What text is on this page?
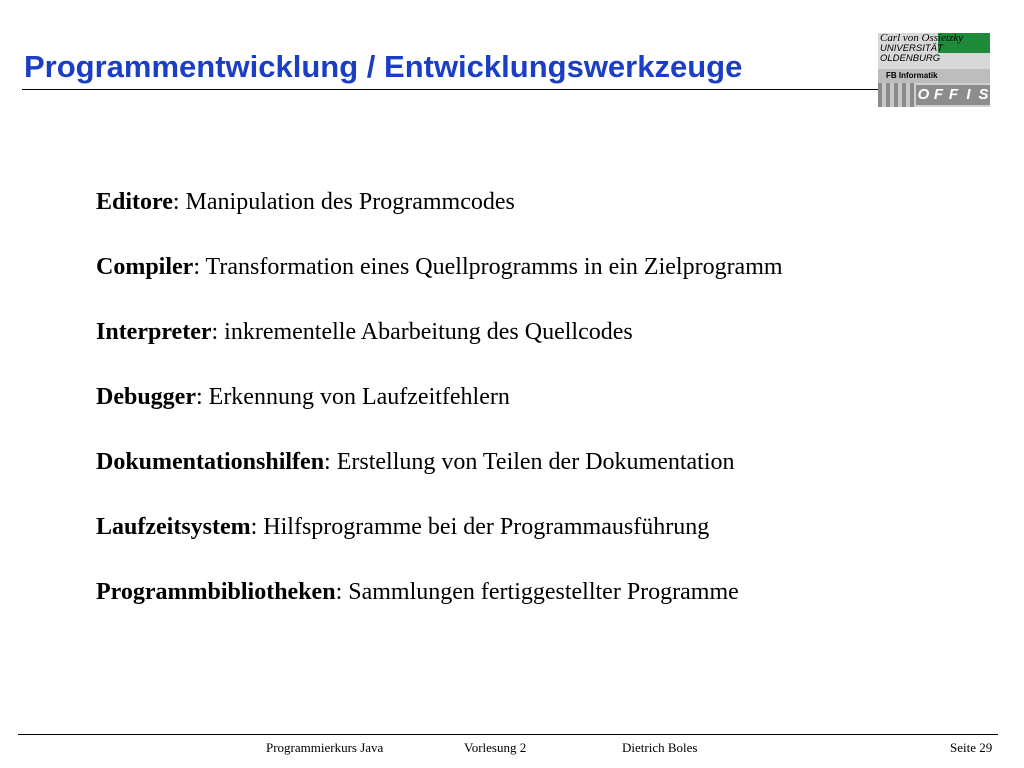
Programmentwicklung / Entwicklungswerkzeuge
Carl von Ossietzky
UNIVERSITÄT
OLDENBURG
FB Informatik
O F F I S
Editore: Manipulation des Programmcodes
Compiler: Transformation eines Quellprogramms in ein Zielprogramm
Interpreter: inkrementelle Abarbeitung des Quellcodes
Debugger: Erkennung von Laufzeitfehlern
Dokumentationshilfen: Erstellung von Teilen der Dokumentation
Laufzeitsystem: Hilfsprogramme bei der Programmausführung
Programmbibliotheken: Sammlungen fertiggestellter Programme
Programmierkurs Java	Vorlesung 2	Dietrich Boles	Seite 29
